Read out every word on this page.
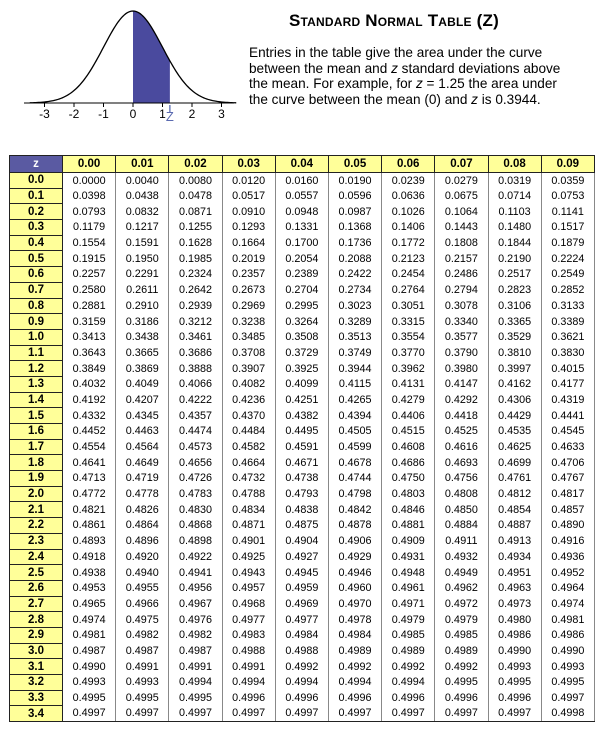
-3 -2 -1 0 1 2 3
Z
Standard Normal Table (Z)
Entries in the table give the area under the curve
between the mean and z standard deviations above
the mean. For example, for z = 1.25 the area under
the curve between the mean (0) and z is 0.3944.
z	0.00	0.01	0.02	0.03	0.04	0.05	0.06	0.07	0.08	0.09
0.0	0.0000	0.0040	0.0080	0.0120	0.0160	0.0190	0.0239	0.0279	0.0319	0.0359
0.1	0.0398	0.0438	0.0478	0.0517	0.0557	0.0596	0.0636	0.0675	0.0714	0.0753
0.2	0.0793	0.0832	0.0871	0.0910	0.0948	0.0987	0.1026	0.1064	0.1103	0.1141
0.3	0.1179	0.1217	0.1255	0.1293	0.1331	0.1368	0.1406	0.1443	0.1480	0.1517
0.4	0.1554	0.1591	0.1628	0.1664	0.1700	0.1736	0.1772	0.1808	0.1844	0.1879
0.5	0.1915	0.1950	0.1985	0.2019	0.2054	0.2088	0.2123	0.2157	0.2190	0.2224
0.6	0.2257	0.2291	0.2324	0.2357	0.2389	0.2422	0.2454	0.2486	0.2517	0.2549
0.7	0.2580	0.2611	0.2642	0.2673	0.2704	0.2734	0.2764	0.2794	0.2823	0.2852
0.8	0.2881	0.2910	0.2939	0.2969	0.2995	0.3023	0.3051	0.3078	0.3106	0.3133
0.9	0.3159	0.3186	0.3212	0.3238	0.3264	0.3289	0.3315	0.3340	0.3365	0.3389
1.0	0.3413	0.3438	0.3461	0.3485	0.3508	0.3513	0.3554	0.3577	0.3529	0.3621
1.1	0.3643	0.3665	0.3686	0.3708	0.3729	0.3749	0.3770	0.3790	0.3810	0.3830
1.2	0.3849	0.3869	0.3888	0.3907	0.3925	0.3944	0.3962	0.3980	0.3997	0.4015
1.3	0.4032	0.4049	0.4066	0.4082	0.4099	0.4115	0.4131	0.4147	0.4162	0.4177
1.4	0.4192	0.4207	0.4222	0.4236	0.4251	0.4265	0.4279	0.4292	0.4306	0.4319
1.5	0.4332	0.4345	0.4357	0.4370	0.4382	0.4394	0.4406	0.4418	0.4429	0.4441
1.6	0.4452	0.4463	0.4474	0.4484	0.4495	0.4505	0.4515	0.4525	0.4535	0.4545
1.7	0.4554	0.4564	0.4573	0.4582	0.4591	0.4599	0.4608	0.4616	0.4625	0.4633
1.8	0.4641	0.4649	0.4656	0.4664	0.4671	0.4678	0.4686	0.4693	0.4699	0.4706
1.9	0.4713	0.4719	0.4726	0.4732	0.4738	0.4744	0.4750	0.4756	0.4761	0.4767
2.0	0.4772	0.4778	0.4783	0.4788	0.4793	0.4798	0.4803	0.4808	0.4812	0.4817
2.1	0.4821	0.4826	0.4830	0.4834	0.4838	0.4842	0.4846	0.4850	0.4854	0.4857
2.2	0.4861	0.4864	0.4868	0.4871	0.4875	0.4878	0.4881	0.4884	0.4887	0.4890
2.3	0.4893	0.4896	0.4898	0.4901	0.4904	0.4906	0.4909	0.4911	0.4913	0.4916
2.4	0.4918	0.4920	0.4922	0.4925	0.4927	0.4929	0.4931	0.4932	0.4934	0.4936
2.5	0.4938	0.4940	0.4941	0.4943	0.4945	0.4946	0.4948	0.4949	0.4951	0.4952
2.6	0.4953	0.4955	0.4956	0.4957	0.4959	0.4960	0.4961	0.4962	0.4963	0.4964
2.7	0.4965	0.4966	0.4967	0.4968	0.4969	0.4970	0.4971	0.4972	0.4973	0.4974
2.8	0.4974	0.4975	0.4976	0.4977	0.4977	0.4978	0.4979	0.4979	0.4980	0.4981
2.9	0.4981	0.4982	0.4982	0.4983	0.4984	0.4984	0.4985	0.4985	0.4986	0.4986
3.0	0.4987	0.4987	0.4987	0.4988	0.4988	0.4989	0.4989	0.4989	0.4990	0.4990
3.1	0.4990	0.4991	0.4991	0.4991	0.4992	0.4992	0.4992	0.4992	0.4993	0.4993
3.2	0.4993	0.4993	0.4994	0.4994	0.4994	0.4994	0.4994	0.4995	0.4995	0.4995
3.3	0.4995	0.4995	0.4995	0.4996	0.4996	0.4996	0.4996	0.4996	0.4996	0.4997
3.4	0.4997	0.4997	0.4997	0.4997	0.4997	0.4997	0.4997	0.4997	0.4997	0.4998
